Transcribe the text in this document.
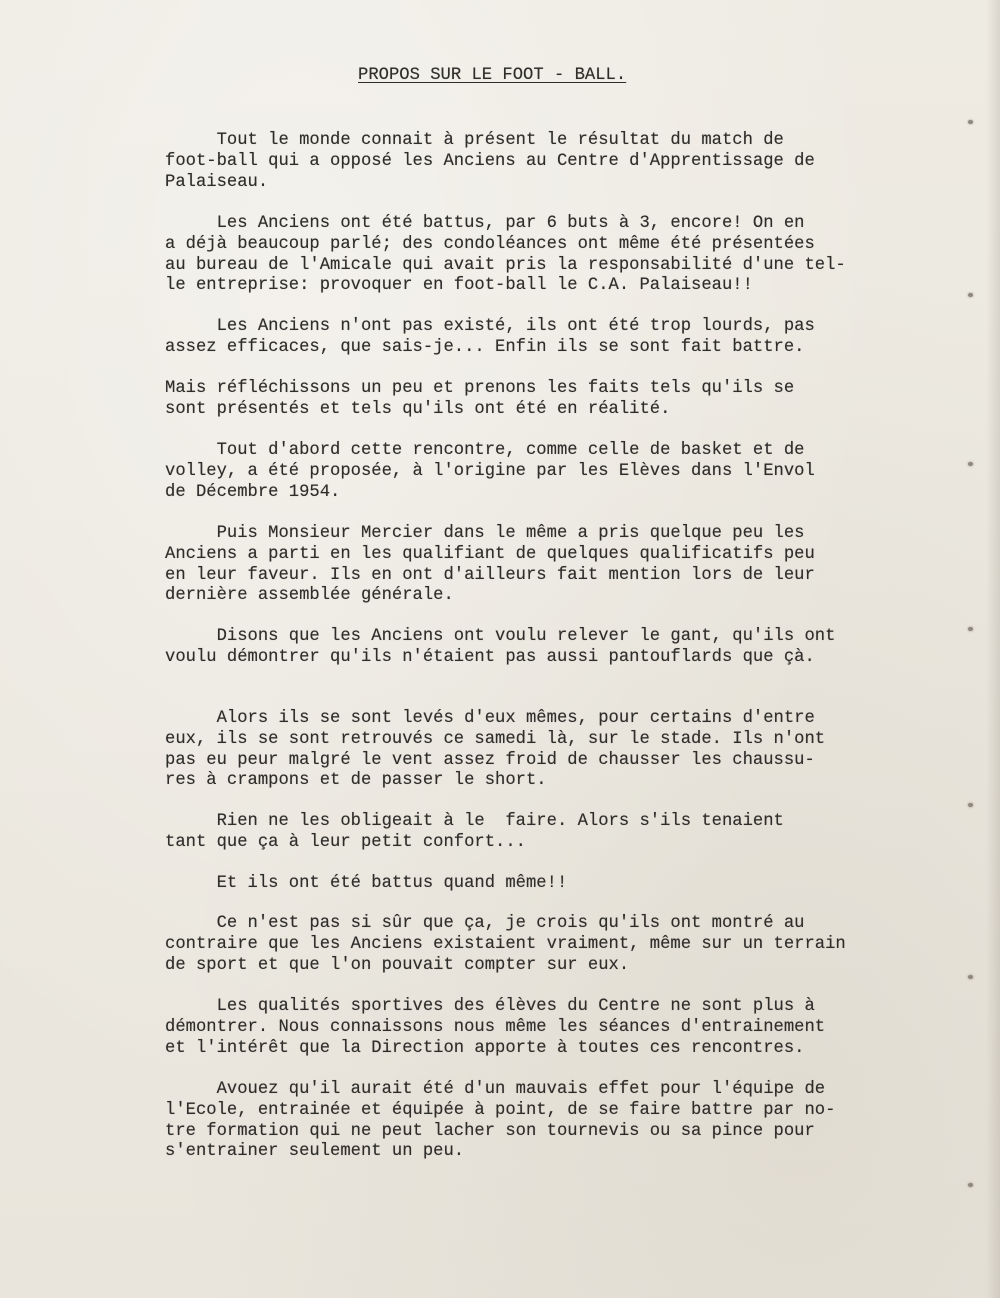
PROPOS SUR LE FOOT - BALL.

Tout le monde connait à présent le résultat du match de
foot-ball qui a opposé les Anciens au Centre d'Apprentissage de
Palaiseau.

Les Anciens ont été battus, par 6 buts à 3, encore! On en
a déjà beaucoup parlé; des condoléances ont même été présentées
au bureau de l'Amicale qui avait pris la responsabilité d'une tel-
le entreprise: provoquer en foot-ball le C.A. Palaiseau!!

Les Anciens n'ont pas existé, ils ont été trop lourds, pas
assez efficaces, que sais-je... Enfin ils se sont fait battre.

Mais réfléchissons un peu et prenons les faits tels qu'ils se
sont présentés et tels qu'ils ont été en réalité.

Tout d'abord cette rencontre, comme celle de basket et de
volley, a été proposée, à l'origine par les Elèves dans l'Envol
de Décembre 1954.

Puis Monsieur Mercier dans le même a pris quelque peu les
Anciens a parti en les qualifiant de quelques qualificatifs peu
en leur faveur. Ils en ont d'ailleurs fait mention lors de leur
dernière assemblée générale.

Disons que les Anciens ont voulu relever le gant, qu'ils ont
voulu démontrer qu'ils n'étaient pas aussi pantouflards que çà.

Alors ils se sont levés d'eux mêmes, pour certains d'entre
eux, ils se sont retrouvés ce samedi là, sur le stade. Ils n'ont
pas eu peur malgré le vent assez froid de chausser les chaussu-
res à crampons et de passer le short.

Rien ne les obligeait à le  faire. Alors s'ils tenaient
tant que ça à leur petit confort...

Et ils ont été battus quand même!!

Ce n'est pas si sûr que ça, je crois qu'ils ont montré au
contraire que les Anciens existaient vraiment, même sur un terrain
de sport et que l'on pouvait compter sur eux.

Les qualités sportives des élèves du Centre ne sont plus à
démontrer. Nous connaissons nous même les séances d'entrainement
et l'intérêt que la Direction apporte à toutes ces rencontres.

Avouez qu'il aurait été d'un mauvais effet pour l'équipe de
l'Ecole, entrainée et équipée à point, de se faire battre par no-
tre formation qui ne peut lacher son tournevis ou sa pince pour
s'entrainer seulement un peu.
